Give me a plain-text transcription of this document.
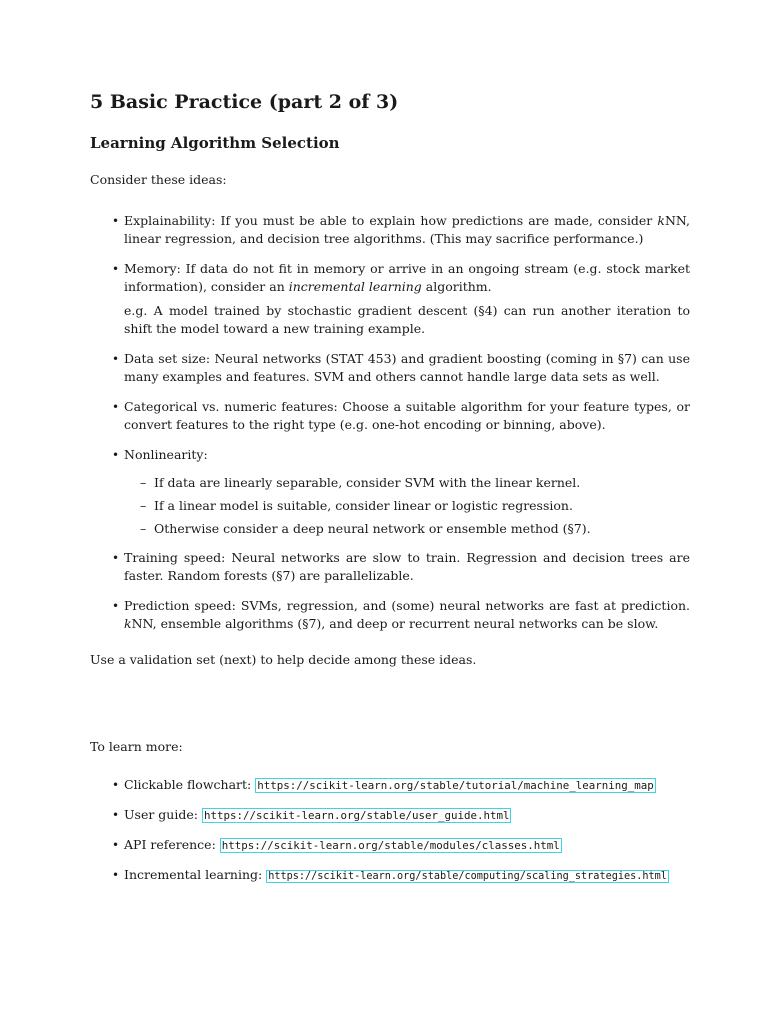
5 Basic Practice (part 2 of 3)
Learning Algorithm Selection

Consider these ideas:

• Explainability: If you must be able to explain how predictions are made, consider kNN, linear regression, and decision tree algorithms. (This may sacrifice performance.)
• Memory: If data do not fit in memory or arrive in an ongoing stream (e.g. stock market information), consider an incremental learning algorithm.
e.g. A model trained by stochastic gradient descent (§4) can run another iteration to shift the model toward a new training example.
• Data set size: Neural networks (STAT 453) and gradient boosting (coming in §7) can use many examples and features. SVM and others cannot handle large data sets as well.
• Categorical vs. numeric features: Choose a suitable algorithm for your feature types, or convert features to the right type (e.g. one-hot encoding or binning, above).
• Nonlinearity:
– If data are linearly separable, consider SVM with the linear kernel.
– If a linear model is suitable, consider linear or logistic regression.
– Otherwise consider a deep neural network or ensemble method (§7).
• Training speed: Neural networks are slow to train. Regression and decision trees are faster. Random forests (§7) are parallelizable.
• Prediction speed: SVMs, regression, and (some) neural networks are fast at prediction. kNN, ensemble algorithms (§7), and deep or recurrent neural networks can be slow.

Use a validation set (next) to help decide among these ideas.

To learn more:

• Clickable flowchart: https://scikit-learn.org/stable/tutorial/machine_learning_map
• User guide: https://scikit-learn.org/stable/user_guide.html
• API reference: https://scikit-learn.org/stable/modules/classes.html
• Incremental learning: https://scikit-learn.org/stable/computing/scaling_strategies.html
